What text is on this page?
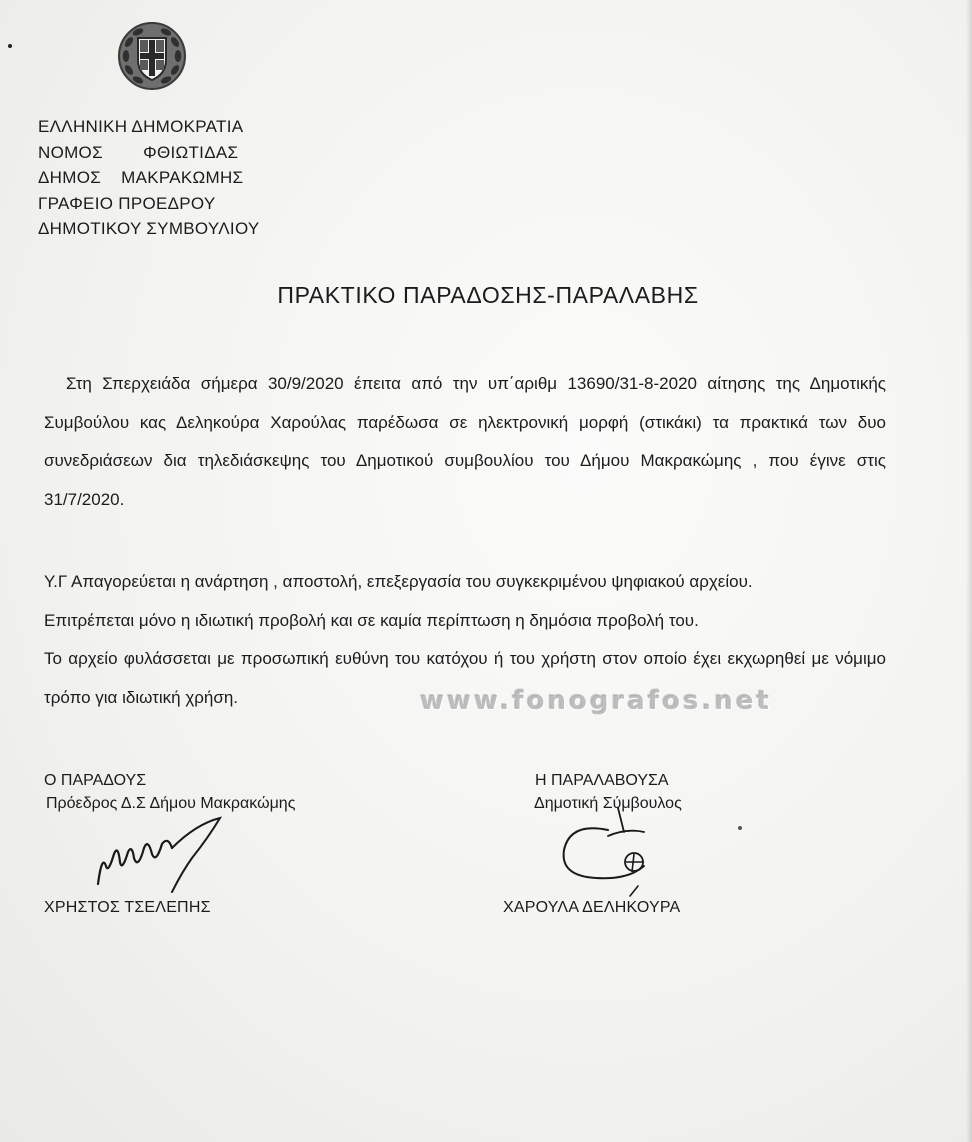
ΕΛΛΗΝΙΚΗ ΔΗΜΟΚΡΑΤΙΑ
ΝΟΜΟΣ        ΦΘΙΩΤΙΔΑΣ
ΔΗΜΟΣ    ΜΑΚΡΑΚΩΜΗΣ
ΓΡΑΦΕΙΟ ΠΡΟΕΔΡΟΥ
ΔΗΜΟΤΙΚΟΥ ΣΥΜΒΟΥΛΙΟΥ
ΠΡΑΚΤΙΚΟ ΠΑΡΑΔΟΣΗΣ-ΠΑΡΑΛΑΒΗΣ
Στη Σπερχειάδα σήμερα 30/9/2020 έπειτα από την υπ΄αριθμ 13690/31-8-2020 αίτησης της Δημοτικής Συμβούλου κας Δεληκούρα Χαρούλας παρέδωσα σε ηλεκτρονική μορφή (στικάκι) τα πρακτικά των δυο συνεδριάσεων δια τηλεδιάσκεψης του Δημοτικού συμβουλίου του Δήμου Μακρακώμης , που έγινε στις 31/7/2020.
Υ.Γ Απαγορεύεται η ανάρτηση , αποστολή, επεξεργασία του συγκεκριμένου ψηφιακού αρχείου.
Επιτρέπεται μόνο η ιδιωτική προβολή και σε καμία περίπτωση η δημόσια προβολή του.
Το αρχείο φυλάσσεται με προσωπική ευθύνη του κατόχου ή του χρήστη στον οποίο έχει εκχωρηθεί με νόμιμο τρόπο για ιδιωτική χρήση.	www.fonografos.net
Ο ΠΑΡΑΔΟΥΣ
Πρόεδρος Δ.Σ Δήμου Μακρακώμης
ΧΡΗΣΤΟΣ ΤΣΕΛΕΠΗΣ
Η ΠΑΡΑΛΑΒΟΥΣΑ
Δημοτική Σύμβουλος
ΧΑΡΟΥΛΑ ΔΕΛΗΚΟΥΡΑ
